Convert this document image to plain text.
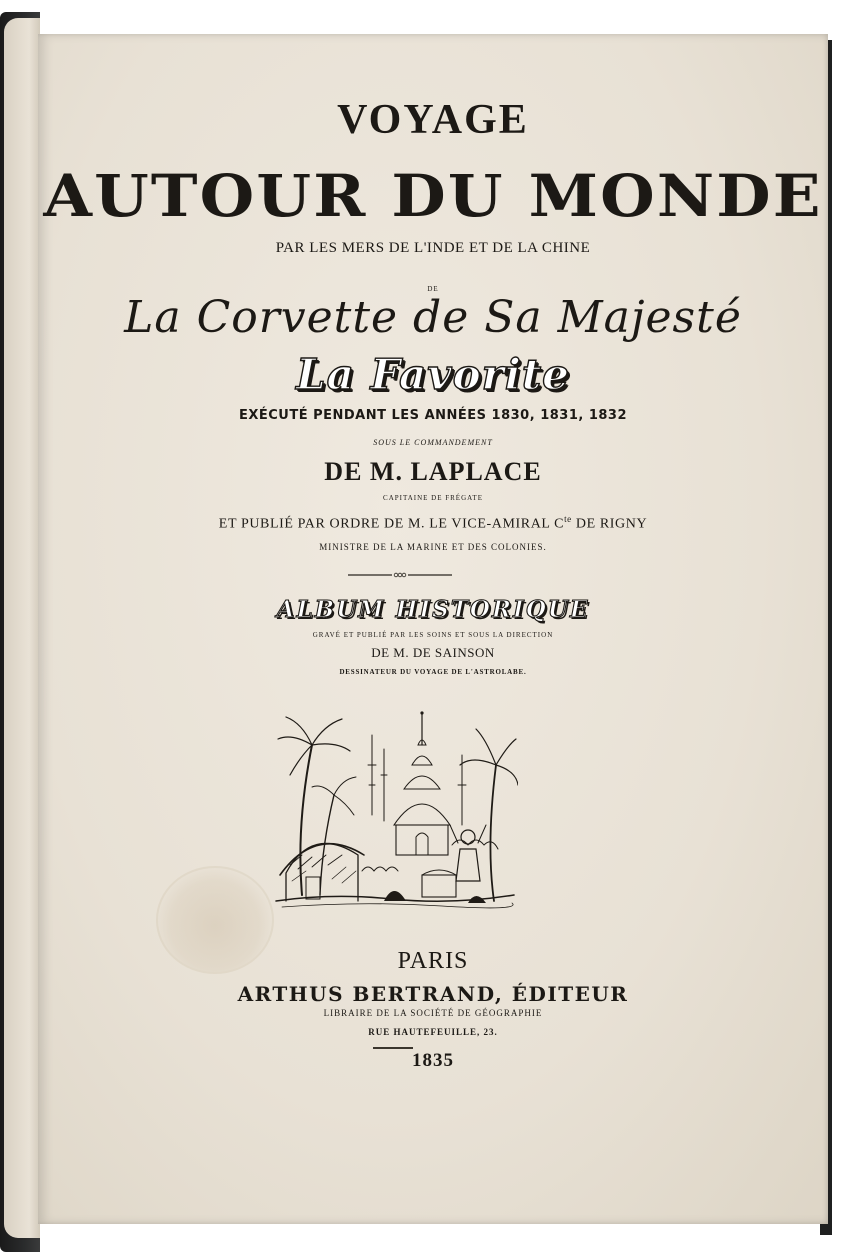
VOYAGE

AUTOUR DU MONDE

PAR LES MERS DE L'INDE ET DE LA CHINE

DE

La Corvette de Sa Majesté

La Favorite

EXÉCUTÉ PENDANT LES ANNÉES 1830, 1831, 1832

SOUS LE COMMANDEMENT

DE M. LAPLACE

CAPITAINE DE FRÉGATE

ET PUBLIÉ PAR ORDRE DE M. LE VICE-AMIRAL $C^{te}$ DE RIGNY

MINISTRE DE LA MARINE ET DES COLONIES.

ALBUM HISTORIQUE

GRAVÉ ET PUBLIÉ PAR LES SOINS ET SOUS LA DIRECTION

DE M. DE SAINSON

DESSINATEUR DU VOYAGE DE L'ASTROLABE.

PARIS

ARTHUS BERTRAND, ÉDITEUR

LIBRAIRE DE LA SOCIÉTÉ DE GÉOGRAPHIE

RUE HAUTEFEUILLE, 23.

1835
